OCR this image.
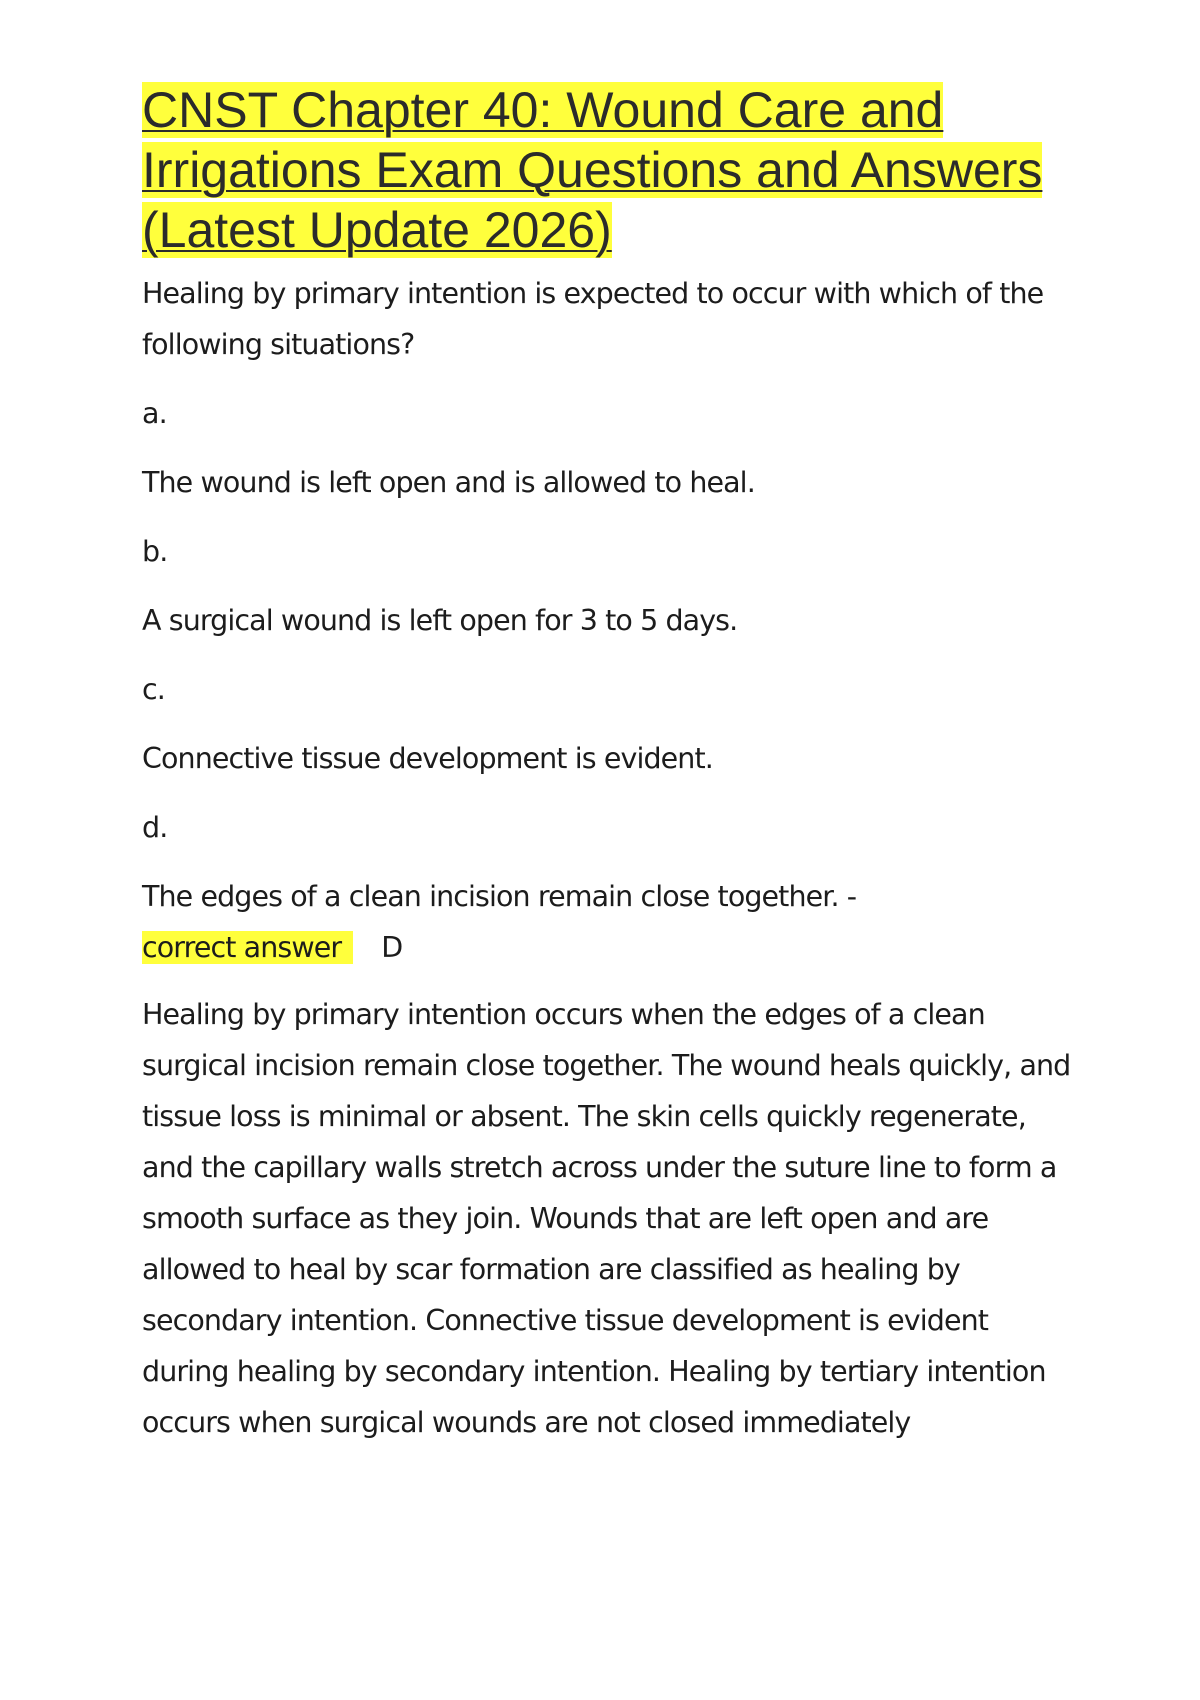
CNST Chapter 40: Wound Care and Irrigations Exam Questions and Answers (Latest Update 2026)

Healing by primary intention is expected to occur with which of the following situations?

a.

The wound is left open and is allowed to heal.

b.

A surgical wound is left open for 3 to 5 days.

c.

Connective tissue development is evident.

d.

The edges of a clean incision remain close together. -

correct answer D

Healing by primary intention occurs when the edges of a clean surgical incision remain close together. The wound heals quickly, and tissue loss is minimal or absent. The skin cells quickly regenerate, and the capillary walls stretch across under the suture line to form a smooth surface as they join. Wounds that are left open and are allowed to heal by scar formation are classified as healing by secondary intention. Connective tissue development is evident during healing by secondary intention. Healing by tertiary intention occurs when surgical wounds are not closed immediately
